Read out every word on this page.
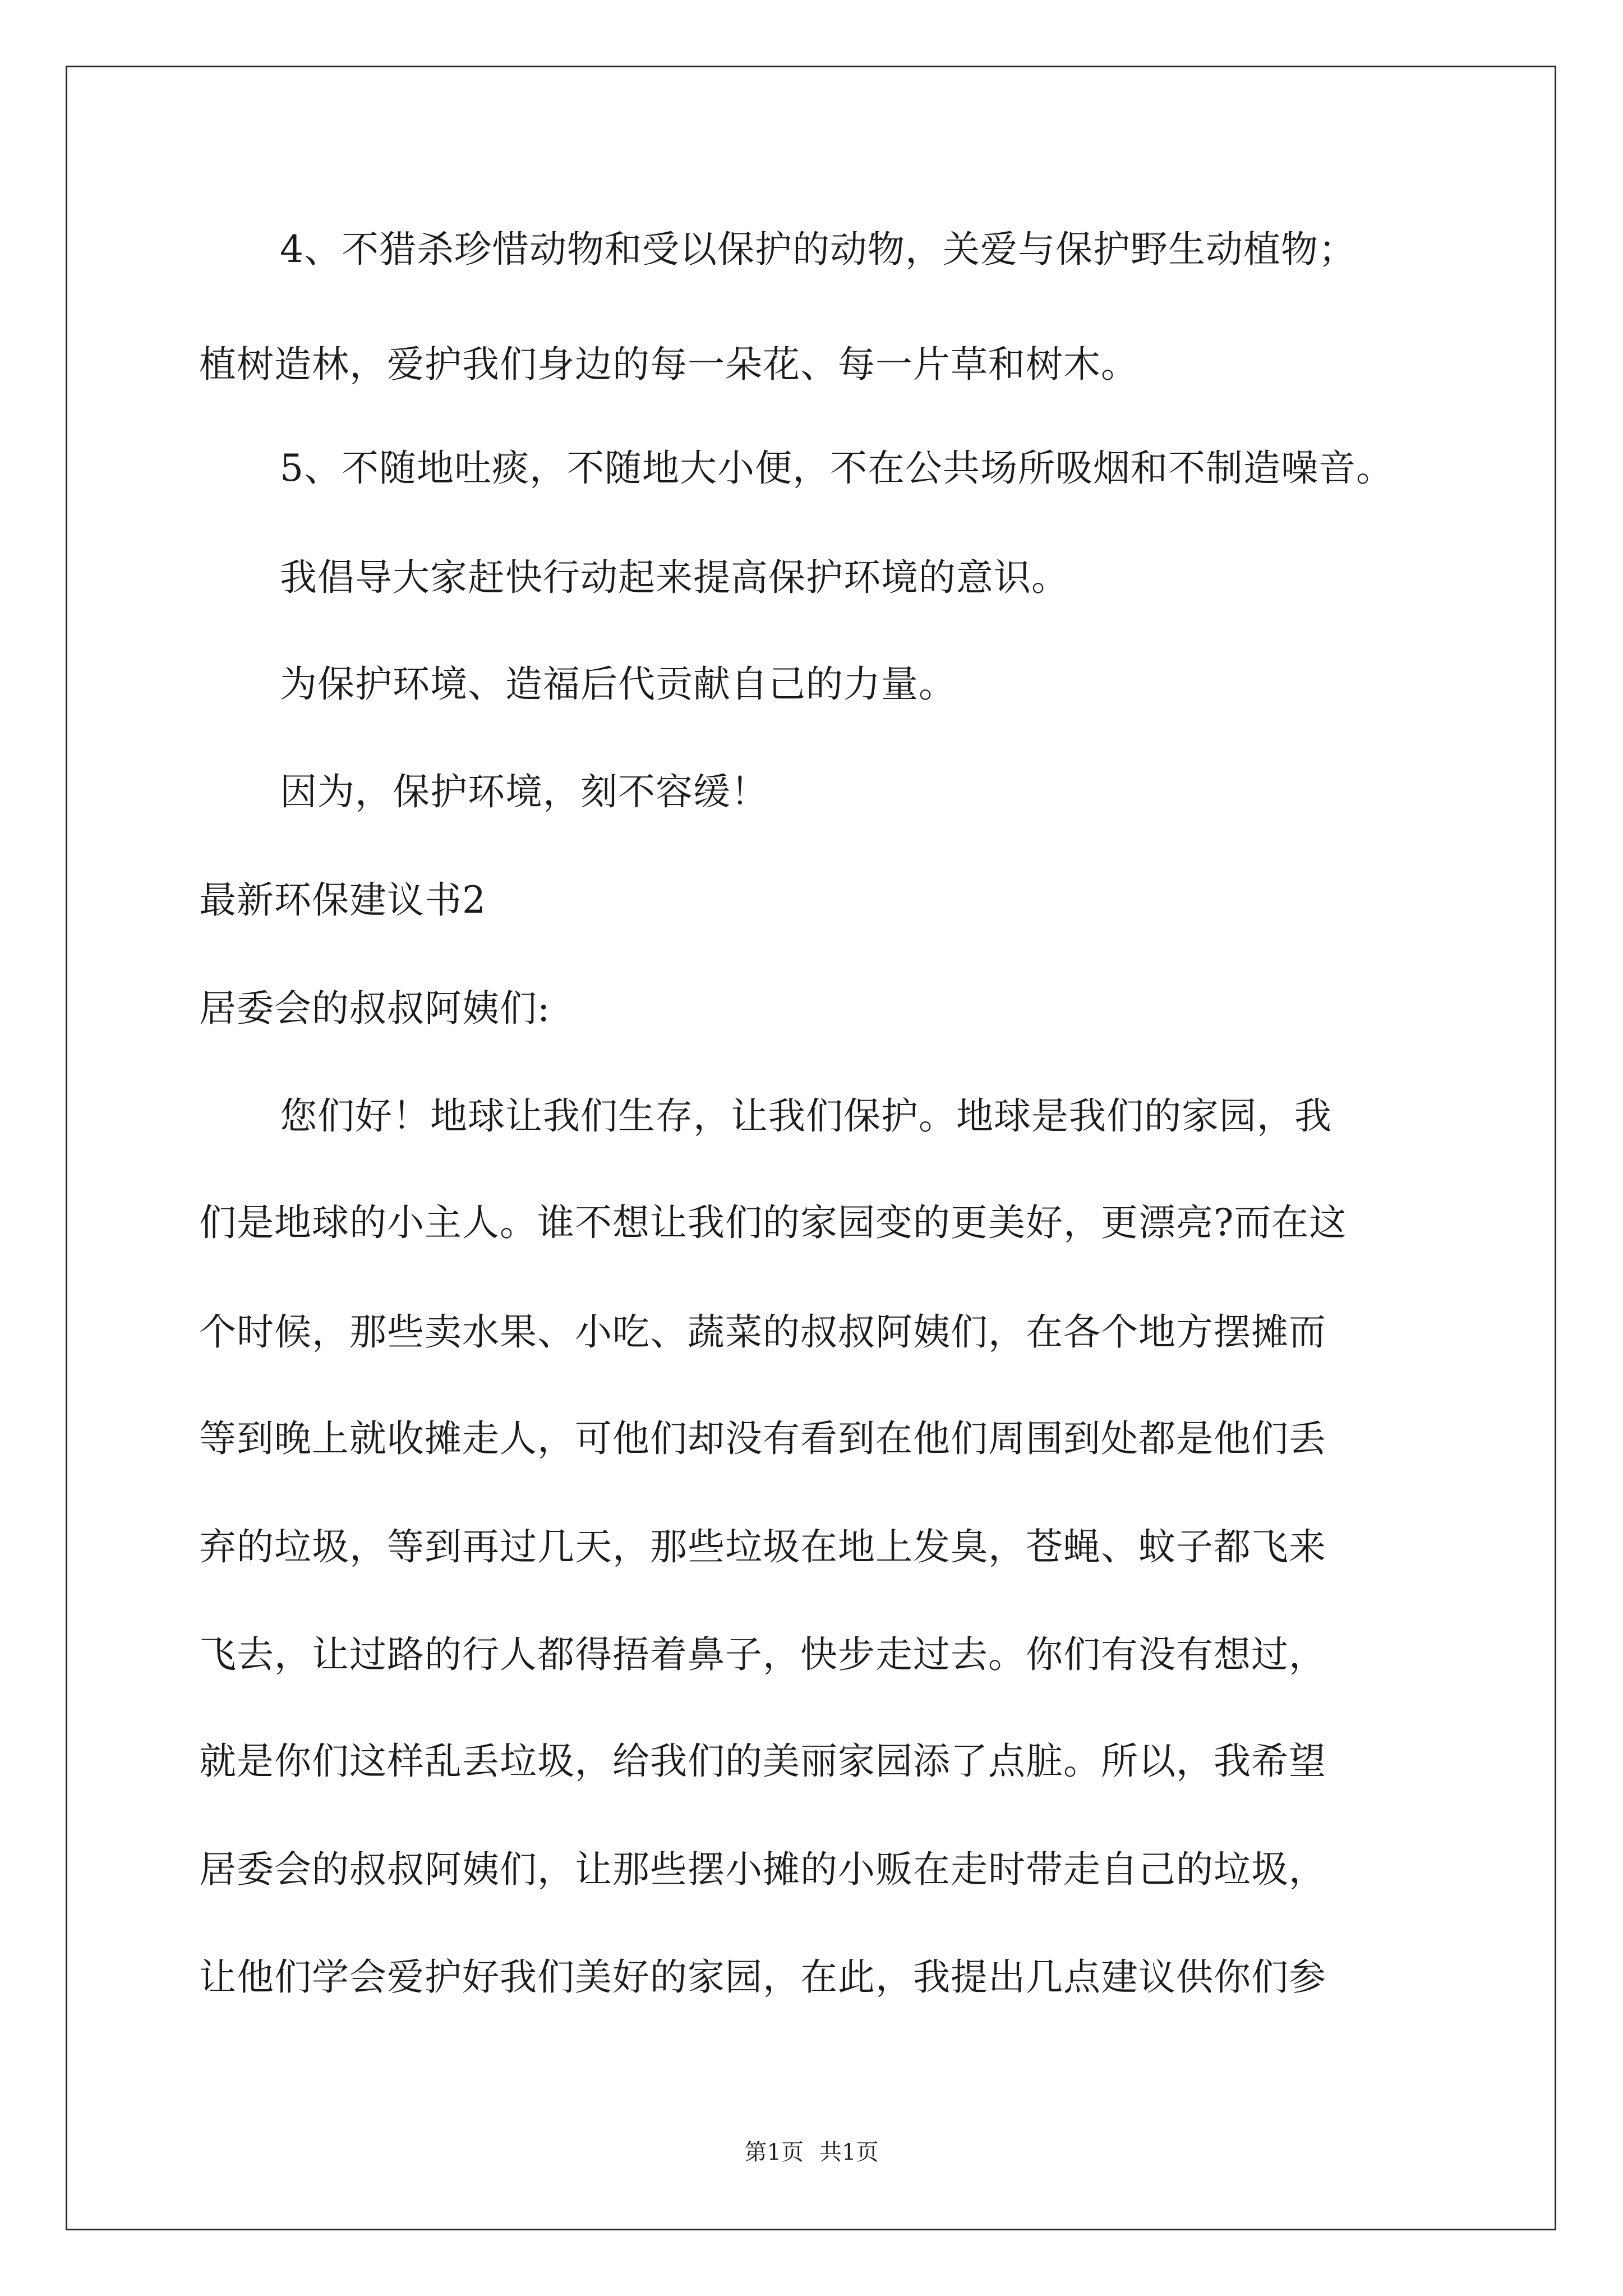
4、不猎杀珍惜动物和受以保护的动物，关爱与保护野生动植物；
植树造林，爱护我们身边的每一朵花、每一片草和树木。
5、不随地吐痰，不随地大小便，不在公共场所吸烟和不制造噪音。
我倡导大家赶快行动起来提高保护环境的意识。
为保护环境、造福后代贡献自己的力量。
因为，保护环境，刻不容缓！
最新环保建议书2
居委会的叔叔阿姨们:
您们好！地球让我们生存，让我们保护。地球是我们的家园，我
们是地球的小主人。谁不想让我们的家园变的更美好，更漂亮?而在这
个时候，那些卖水果、小吃、蔬菜的叔叔阿姨们，在各个地方摆摊而
等到晚上就收摊走人，可他们却没有看到在他们周围到处都是他们丢
弃的垃圾，等到再过几天，那些垃圾在地上发臭，苍蝇、蚊子都飞来
飞去，让过路的行人都得捂着鼻子，快步走过去。你们有没有想过，
就是你们这样乱丢垃圾，给我们的美丽家园添了点脏。所以，我希望
居委会的叔叔阿姨们，让那些摆小摊的小贩在走时带走自己的垃圾，
让他们学会爱护好我们美好的家园，在此，我提出几点建议供你们参
第1页 共1页
